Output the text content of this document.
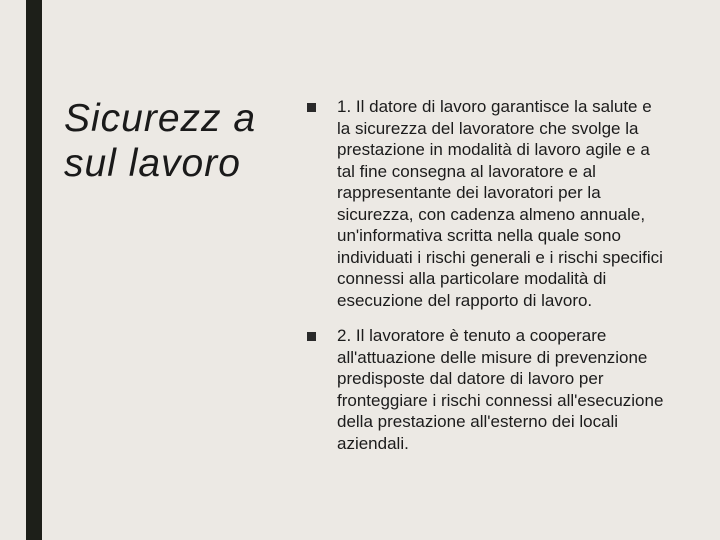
Sicurezz a sul lavoro
1. Il datore di lavoro garantisce la salute e la sicurezza del lavoratore che svolge la prestazione in modalità di lavoro agile e a tal fine consegna al lavoratore e al rappresentante dei lavoratori per la sicurezza, con cadenza almeno annuale, un'informativa scritta nella quale sono individuati i rischi generali e i rischi specifici connessi alla particolare modalità di esecuzione del rapporto di lavoro.
2. Il lavoratore è tenuto a cooperare all'attuazione delle misure di prevenzione predisposte dal datore di lavoro per fronteggiare i rischi connessi all'esecuzione della prestazione all'esterno dei locali aziendali.
